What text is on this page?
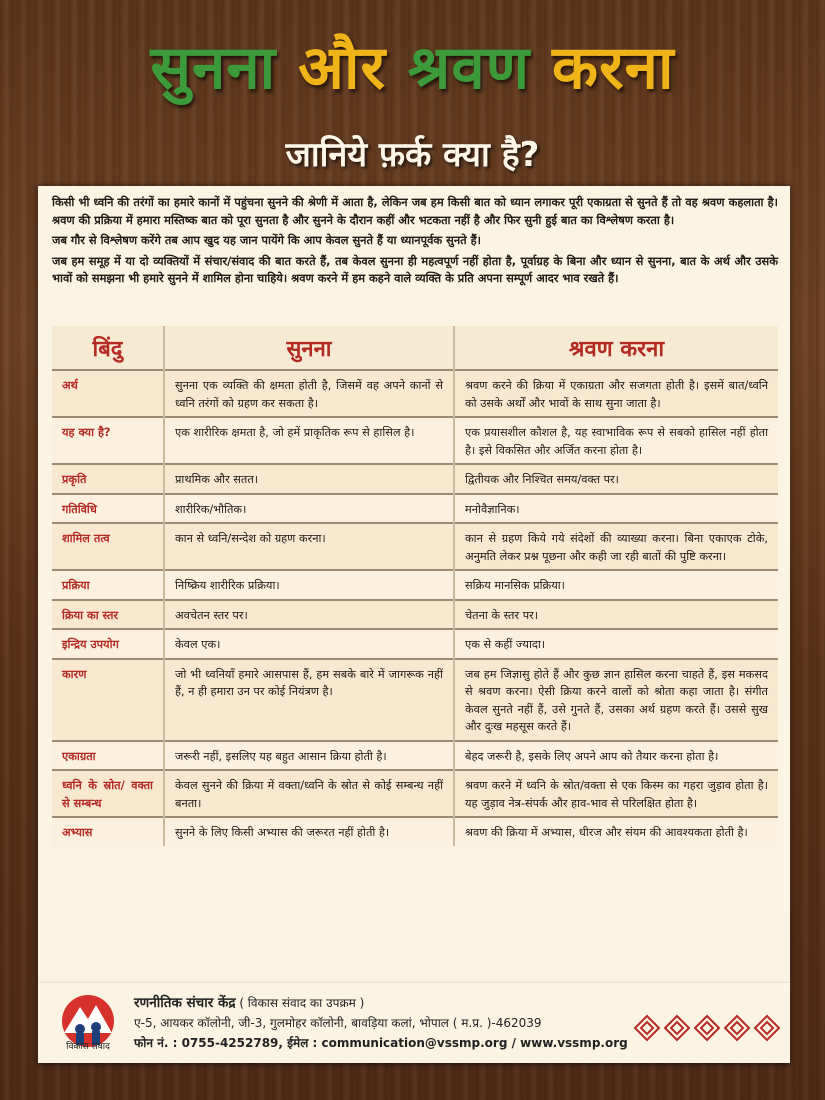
सुनना और श्रवण करना
जानिये फ़र्क क्या है?

किसी भी ध्वनि की तरंगों का हमारे कानों में पहुंचना सुनने की श्रेणी में आता है, लेकिन जब हम किसी बात को ध्यान लगाकर पूरी एकाग्रता से सुनते हैं तो वह श्रवण कहलाता है। श्रवण की प्रक्रिया में हमारा मस्तिष्क बात को पूरा सुनता है और सुनने के दौरान कहीं और भटकता नहीं है और फिर सुनी हुई बात का विश्लेषण करता है।

जब गौर से विश्लेषण करेंगे तब आप खुद यह जान पायेंगे कि आप केवल सुनते हैं या ध्यानपूर्वक सुनते हैं।

जब हम समूह में या दो व्यक्तियों में संचार/संवाद की बात करते हैं, तब केवल सुनना ही महत्वपूर्ण नहीं होता है, पूर्वाग्रह के बिना और ध्यान से सुनना, बात के अर्थ और उसके भावों को समझना भी हमारे सुनने में शामिल होना चाहिये। श्रवण करने में हम कहने वाले व्यक्ति के प्रति अपना सम्पूर्ण आदर भाव रखते हैं।

बिंदु	सुनना	श्रवण करना
अर्थ	सुनना एक व्यक्ति की क्षमता होती है, जिसमें वह अपने कानों से ध्वनि तरंगों को ग्रहण कर सकता है।	श्रवण करने की क्रिया में एकाग्रता और सजगता होती है। इसमें बात/ध्वनि को उसके अर्थों और भावों के साथ सुना जाता है।
यह क्या है?	एक शारीरिक क्षमता है, जो हमें प्राकृतिक रूप से हासिल है।	एक प्रयासशील कौशल है, यह स्वाभाविक रूप से सबको हासिल नहीं होता है। इसे विकसित और अर्जित करना होता है।
प्रकृति	प्राथमिक और सतत।	द्वितीयक और निश्चित समय/वक्त पर।
गतिविधि	शारीरिक/भौतिक।	मनोवैज्ञानिक।
शामिल तत्व	कान से ध्वनि/सन्देश को ग्रहण करना।	कान से ग्रहण किये गये संदेशों की व्याख्या करना। बिना एकाएक टोके, अनुमति लेकर प्रश्न पूछना और कही जा रही बातों की पुष्टि करना।
प्रक्रिया	निष्क्रिय शारीरिक प्रक्रिया।	सक्रिय मानसिक प्रक्रिया।
क्रिया का स्तर	अवचेतन स्तर पर।	चेतना के स्तर पर।
इन्द्रिय उपयोग	केवल एक।	एक से कहीं ज्यादा।
कारण	जो भी ध्वनियाँ हमारे आसपास हैं, हम सबके बारे में जागरूक नहीं हैं, न ही हमारा उन पर कोई नियंत्रण है।	जब हम जिज्ञासु होते हैं और कुछ ज्ञान हासिल करना चाहते हैं, इस मकसद से श्रवण करना। ऐसी क्रिया करने वालों को श्रोता कहा जाता है। संगीत केवल सुनते नहीं हैं, उसे गुनते हैं, उसका अर्थ ग्रहण करते हैं। उससे सुख और दुःख महसूस करते हैं।
एकाग्रता	जरूरी नहीं, इसलिए यह बहुत आसान क्रिया होती है।	बेहद जरूरी है, इसके लिए अपने आप को तैयार करना होता है।
ध्वनि के स्रोत/ वक्ता से सम्बन्ध	केवल सुनने की क्रिया में वक्ता/ध्वनि के स्रोत से कोई सम्बन्ध नहीं बनता।	श्रवण करने में ध्वनि के स्रोत/वक्ता से एक किस्म का गहरा जुड़ाव होता है। यह जुड़ाव नेत्र-संपर्क और हाव-भाव से परिलक्षित होता है।
अभ्यास	सुनने के लिए किसी अभ्यास की जरूरत नहीं होती है।	श्रवण की क्रिया में अभ्यास, धीरज और संयम की आवश्यकता होती है।
विकास संवाद
रणनीतिक संचार केंद्र ( विकास संवाद का उपक्रम )
ए-5, आयकर कॉलोनी, जी-3, गुलमोहर कॉलोनी, बावड़िया कलां, भोपाल ( म.प्र. )-462039
फोन नं. : 0755-4252789, ईमेल : communication@vssmp.org / www.vssmp.org
